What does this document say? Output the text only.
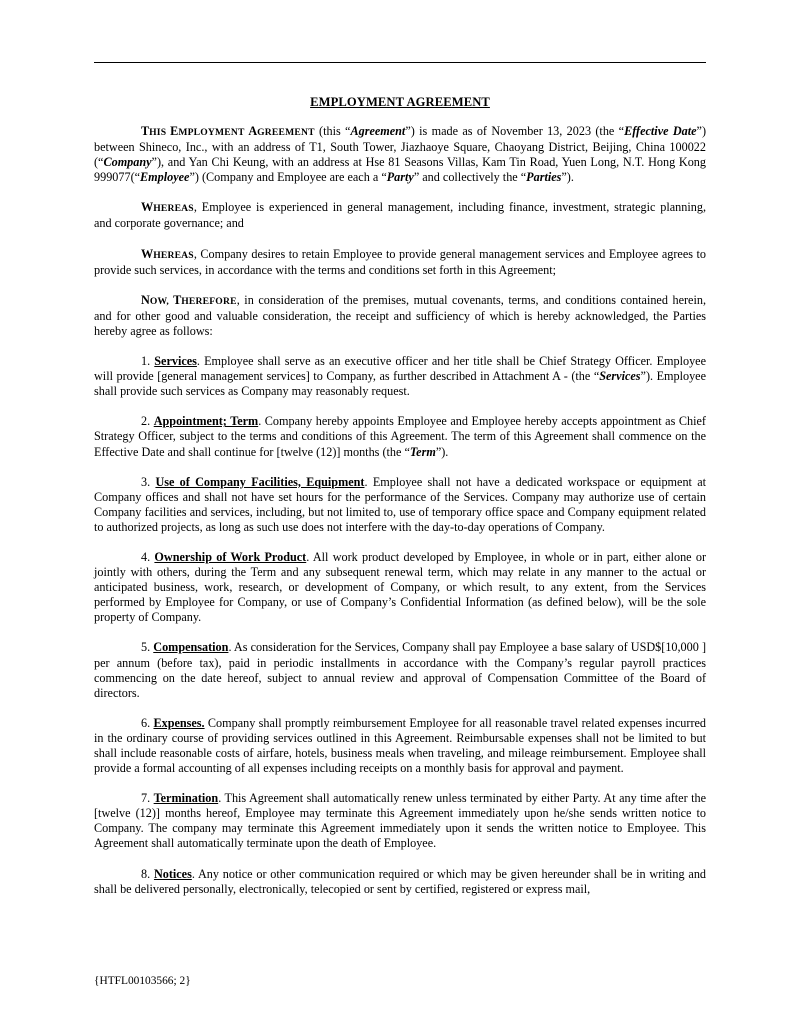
EMPLOYMENT AGREEMENT

THIS EMPLOYMENT AGREEMENT (this “Agreement”) is made as of November 13, 2023 (the “Effective Date”) between Shineco, Inc., with an address of T1, South Tower, Jiazhaoye Square, Chaoyang District, Beijing, China 100022 (“Company”), and Yan Chi Keung, with an address at Hse 81 Seasons Villas, Kam Tin Road, Yuen Long, N.T. Hong Kong 999077(“Employee”) (Company and Employee are each a “Party” and collectively the “Parties”).

WHEREAS, Employee is experienced in general management, including finance, investment, strategic planning, and corporate governance; and

WHEREAS, Company desires to retain Employee to provide general management services and Employee agrees to provide such services, in accordance with the terms and conditions set forth in this Agreement;

NOW, THEREFORE, in consideration of the premises, mutual covenants, terms, and conditions contained herein, and for other good and valuable consideration, the receipt and sufficiency of which is hereby acknowledged, the Parties hereby agree as follows:

1. Services. Employee shall serve as an executive officer and her title shall be Chief Strategy Officer. Employee will provide [general management services] to Company, as further described in Attachment A - (the “Services”). Employee shall provide such services as Company may reasonably request.

2. Appointment; Term. Company hereby appoints Employee and Employee hereby accepts appointment as Chief Strategy Officer, subject to the terms and conditions of this Agreement. The term of this Agreement shall commence on the Effective Date and shall continue for [twelve (12)] months (the “Term”).

3. Use of Company Facilities, Equipment. Employee shall not have a dedicated workspace or equipment at Company offices and shall not have set hours for the performance of the Services. Company may authorize use of certain Company facilities and services, including, but not limited to, use of temporary office space and Company equipment related to authorized projects, as long as such use does not interfere with the day-to-day operations of Company.

4. Ownership of Work Product. All work product developed by Employee, in whole or in part, either alone or jointly with others, during the Term and any subsequent renewal term, which may relate in any manner to the actual or anticipated business, work, research, or development of Company, or which result, to any extent, from the Services performed by Employee for Company, or use of Company’s Confidential Information (as defined below), will be the sole property of Company.

5. Compensation. As consideration for the Services, Company shall pay Employee a base salary of USD$[10,000 ] per annum (before tax), paid in periodic installments in accordance with the Company’s regular payroll practices commencing on the date hereof, subject to annual review and approval of Compensation Committee of the Board of directors.

6. Expenses. Company shall promptly reimbursement Employee for all reasonable travel related expenses incurred in the ordinary course of providing services outlined in this Agreement. Reimbursable expenses shall not be limited to but shall include reasonable costs of airfare, hotels, business meals when traveling, and mileage reimbursement. Employee shall provide a formal accounting of all expenses including receipts on a monthly basis for approval and payment.

7. Termination. This Agreement shall automatically renew unless terminated by either Party. At any time after the [twelve (12)] months hereof, Employee may terminate this Agreement immediately upon he/she sends written notice to Company. The company may terminate this Agreement immediately upon it sends the written notice to Employee. This Agreement shall automatically terminate upon the death of Employee.

8. Notices. Any notice or other communication required or which may be given hereunder shall be in writing and shall be delivered personally, electronically, telecopied or sent by certified, registered or express mail,

{HTFL00103566; 2}
